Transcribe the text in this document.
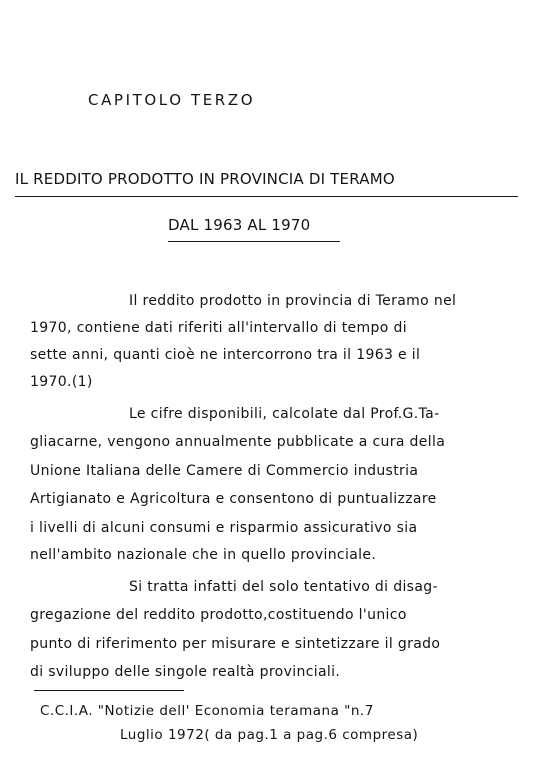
CAPITOLO TERZO
IL REDDITO PRODOTTO IN PROVINCIA DI TERAMO
DAL 1963 AL 1970
Il reddito prodotto in provincia di Teramo nel
1970, contiene dati riferiti all'intervallo di tempo di
sette anni, quanti cioè ne intercorrono tra il 1963 e il
1970.(1)
Le cifre disponibili, calcolate dal Prof.G.Ta-
gliacarne, vengono annualmente pubblicate a cura della
Unione Italiana delle Camere di Commercio industria
Artigianato e Agricoltura e consentono di puntualizzare
i livelli di alcuni consumi e risparmio assicurativo sia
nell'ambito nazionale che in quello provinciale.
Si tratta infatti del solo tentativo di disag-
gregazione del reddito prodotto,costituendo l'unico
punto di riferimento per misurare e sintetizzare il grado
di sviluppo delle singole realtà provinciali.
C.C.I.A. "Notizie dell' Economia teramana "n.7
Luglio 1972( da pag.1 a pag.6 compresa)
